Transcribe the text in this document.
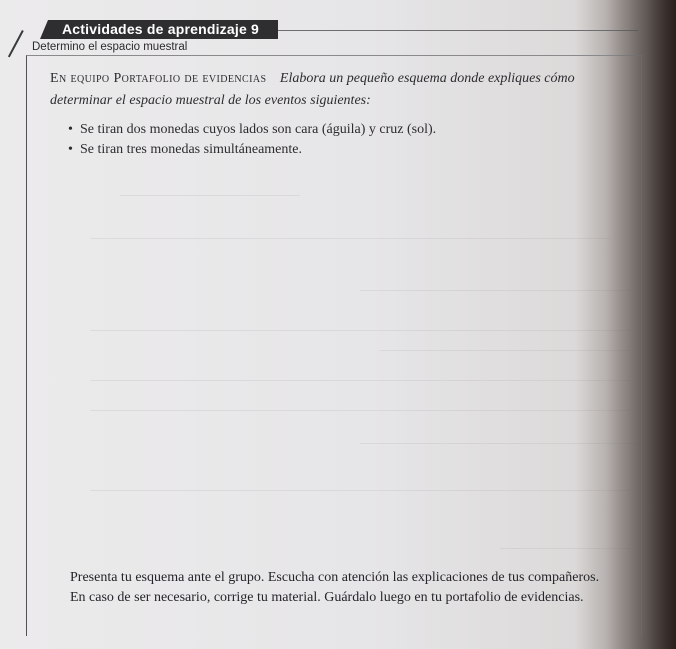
Actividades de aprendizaje 9
Determino el espacio muestral
En equipo Portafolio de evidencias Elabora un pequeño esquema donde expliques cómo determinar el espacio muestral de los eventos siguientes:
• Se tiran dos monedas cuyos lados son cara (águila) y cruz (sol).
• Se tiran tres monedas simultáneamente.
Presenta tu esquema ante el grupo. Escucha con atención las explicaciones de tus compañeros.
En caso de ser necesario, corrige tu material. Guárdalo luego en tu portafolio de evidencias.
